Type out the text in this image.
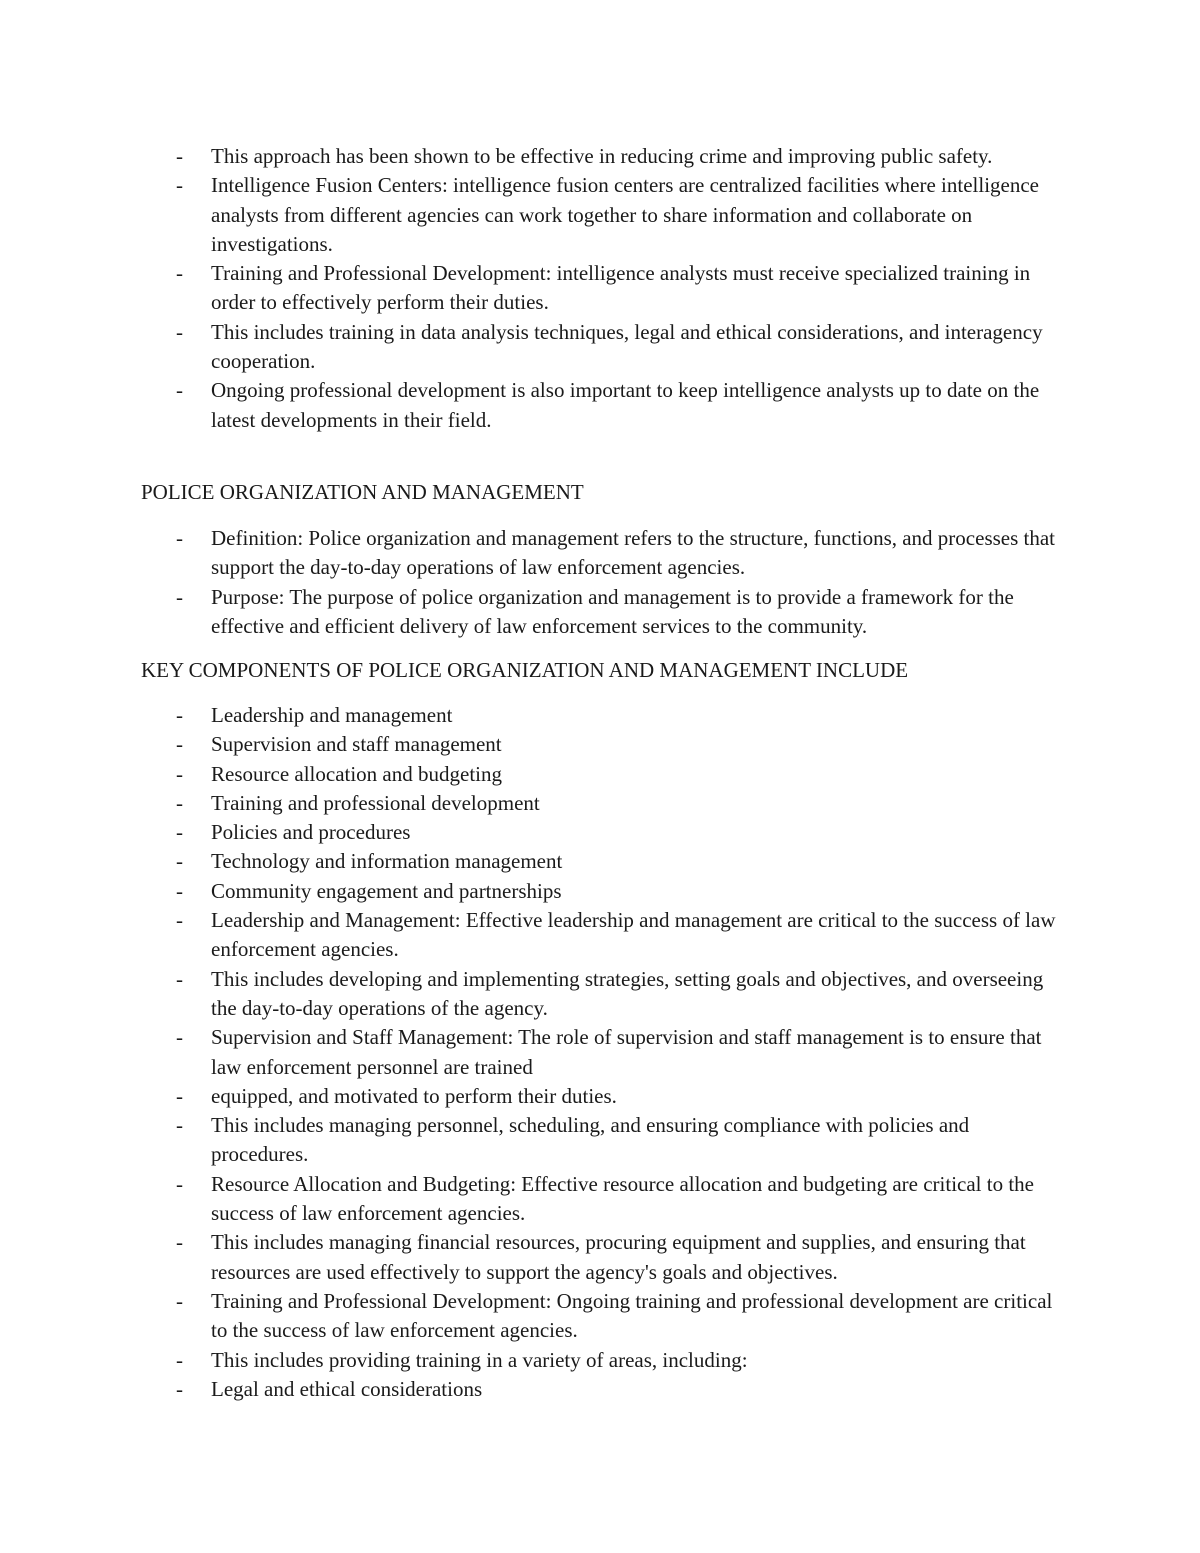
- This approach has been shown to be effective in reducing crime and improving public safety.
- Intelligence Fusion Centers: intelligence fusion centers are centralized facilities where intelligence analysts from different agencies can work together to share information and collaborate on investigations.
- Training and Professional Development: intelligence analysts must receive specialized training in order to effectively perform their duties.
- This includes training in data analysis techniques, legal and ethical considerations, and interagency cooperation.
- Ongoing professional development is also important to keep intelligence analysts up to date on the latest developments in their field.
POLICE ORGANIZATION AND MANAGEMENT
- Definition: Police organization and management refers to the structure, functions, and processes that support the day-to-day operations of law enforcement agencies.
- Purpose: The purpose of police organization and management is to provide a framework for the effective and efficient delivery of law enforcement services to the community.
KEY COMPONENTS OF POLICE ORGANIZATION AND MANAGEMENT INCLUDE
- Leadership and management
- Supervision and staff management
- Resource allocation and budgeting
- Training and professional development
- Policies and procedures
- Technology and information management
- Community engagement and partnerships
- Leadership and Management: Effective leadership and management are critical to the success of law enforcement agencies.
- This includes developing and implementing strategies, setting goals and objectives, and overseeing the day-to-day operations of the agency.
- Supervision and Staff Management: The role of supervision and staff management is to ensure that law enforcement personnel are trained
- equipped, and motivated to perform their duties.
- This includes managing personnel, scheduling, and ensuring compliance with policies and procedures.
- Resource Allocation and Budgeting: Effective resource allocation and budgeting are critical to the success of law enforcement agencies.
- This includes managing financial resources, procuring equipment and supplies, and ensuring that resources are used effectively to support the agency's goals and objectives.
- Training and Professional Development: Ongoing training and professional development are critical to the success of law enforcement agencies.
- This includes providing training in a variety of areas, including:
- Legal and ethical considerations
